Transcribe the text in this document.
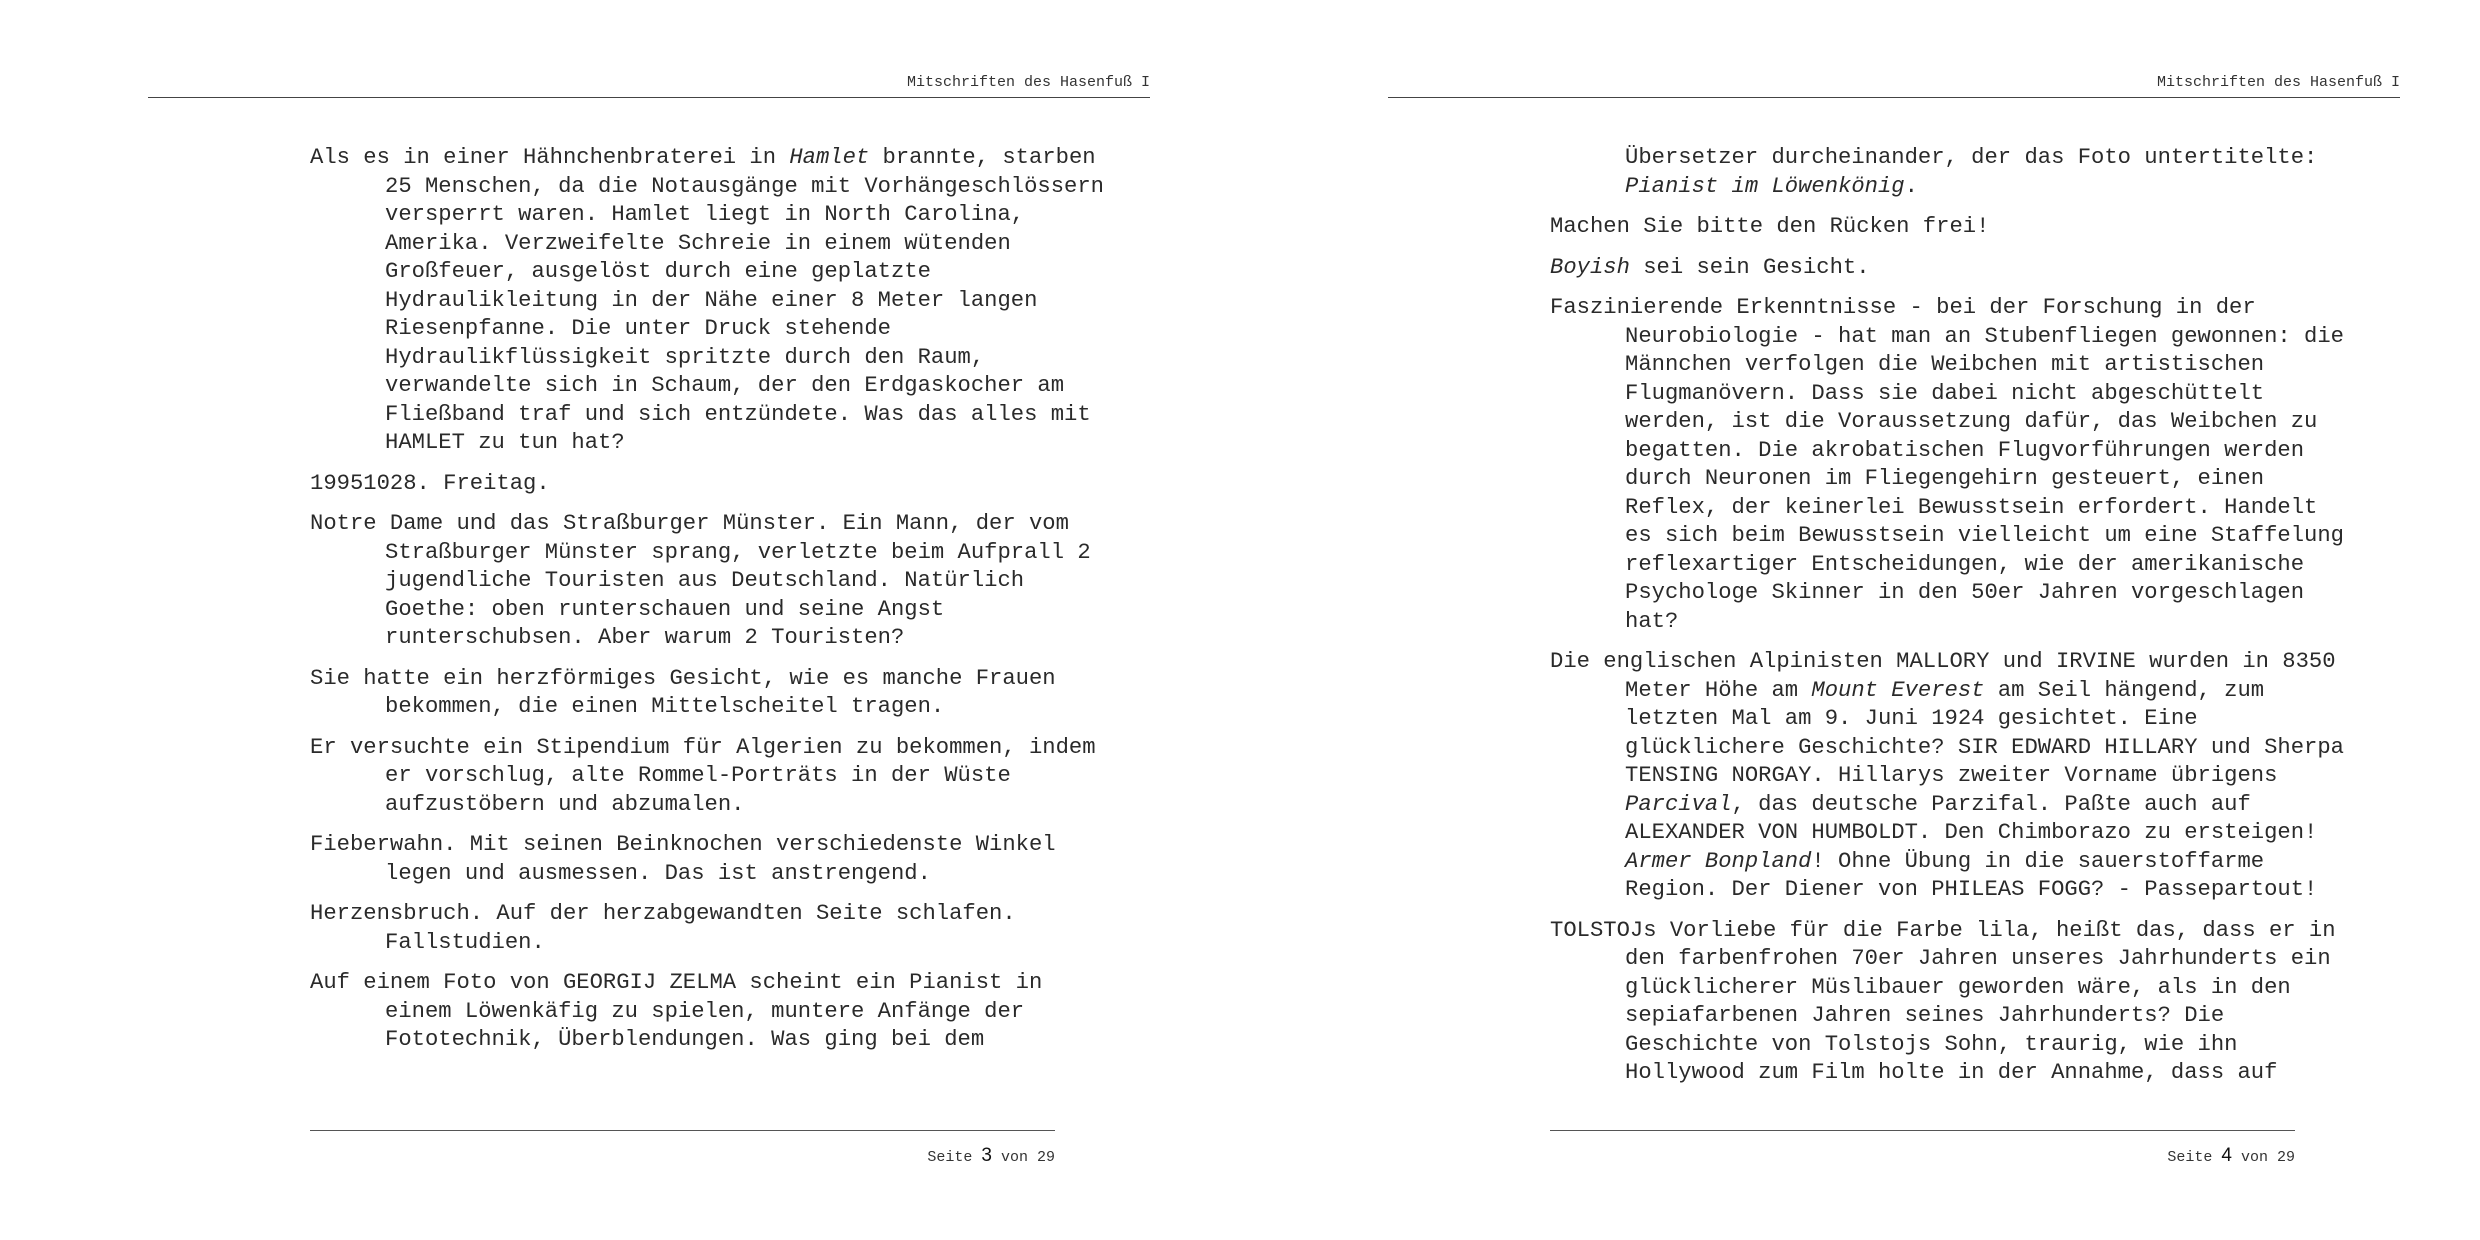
Mitschriften des Hasenfuß I

Als es in einer Hähnchenbraterei in Hamlet brannte, starben
25 Menschen, da die Notausgänge mit Vorhängeschlössern
versperrt waren. Hamlet liegt in North Carolina,
Amerika. Verzweifelte Schreie in einem wütenden
Großfeuer, ausgelöst durch eine geplatzte
Hydraulikleitung in der Nähe einer 8 Meter langen
Riesenpfanne. Die unter Druck stehende
Hydraulikflüssigkeit spritzte durch den Raum,
verwandelte sich in Schaum, der den Erdgaskocher am
Fließband traf und sich entzündete. Was das alles mit
HAMLET zu tun hat?

19951028. Freitag.

Notre Dame und das Straßburger Münster. Ein Mann, der vom
Straßburger Münster sprang, verletzte beim Aufprall 2
jugendliche Touristen aus Deutschland. Natürlich
Goethe: oben runterschauen und seine Angst
runterschubsen. Aber warum 2 Touristen?

Sie hatte ein herzförmiges Gesicht, wie es manche Frauen
bekommen, die einen Mittelscheitel tragen.

Er versuchte ein Stipendium für Algerien zu bekommen, indem
er vorschlug, alte Rommel-Porträts in der Wüste
aufzustöbern und abzumalen.

Fieberwahn. Mit seinen Beinknochen verschiedenste Winkel
legen und ausmessen. Das ist anstrengend.

Herzensbruch. Auf der herzabgewandten Seite schlafen.
Fallstudien.

Auf einem Foto von GEORGIJ ZELMA scheint ein Pianist in
einem Löwenkäfig zu spielen, muntere Anfänge der
Fototechnik, Überblendungen. Was ging bei dem

Seite 3 von 29
Mitschriften des Hasenfuß I

Übersetzer durcheinander, der das Foto untertitelte:
Pianist im Löwenkönig.

Machen Sie bitte den Rücken frei!

Boyish sei sein Gesicht.

Faszinierende Erkenntnisse - bei der Forschung in der
Neurobiologie - hat man an Stubenfliegen gewonnen: die
Männchen verfolgen die Weibchen mit artistischen
Flugmanövern. Dass sie dabei nicht abgeschüttelt
werden, ist die Voraussetzung dafür, das Weibchen zu
begatten. Die akrobatischen Flugvorführungen werden
durch Neuronen im Fliegengehirn gesteuert, einen
Reflex, der keinerlei Bewusstsein erfordert. Handelt
es sich beim Bewusstsein vielleicht um eine Staffelung
reflexartiger Entscheidungen, wie der amerikanische
Psychologe Skinner in den 50er Jahren vorgeschlagen
hat?

Die englischen Alpinisten MALLORY und IRVINE wurden in 8350
Meter Höhe am Mount Everest am Seil hängend, zum
letzten Mal am 9. Juni 1924 gesichtet. Eine
glücklichere Geschichte? SIR EDWARD HILLARY und Sherpa
TENSING NORGAY. Hillarys zweiter Vorname übrigens
Parcival, das deutsche Parzifal. Paßte auch auf
ALEXANDER VON HUMBOLDT. Den Chimborazo zu ersteigen!
Armer Bonpland! Ohne Übung in die sauerstoffarme
Region. Der Diener von PHILEAS FOGG? - Passepartout!

TOLSTOJs Vorliebe für die Farbe lila, heißt das, dass er in
den farbenfrohen 70er Jahren unseres Jahrhunderts ein
glücklicherer Müslibauer geworden wäre, als in den
sepiafarbenen Jahren seines Jahrhunderts? Die
Geschichte von Tolstojs Sohn, traurig, wie ihn
Hollywood zum Film holte in der Annahme, dass auf

Seite 4 von 29
